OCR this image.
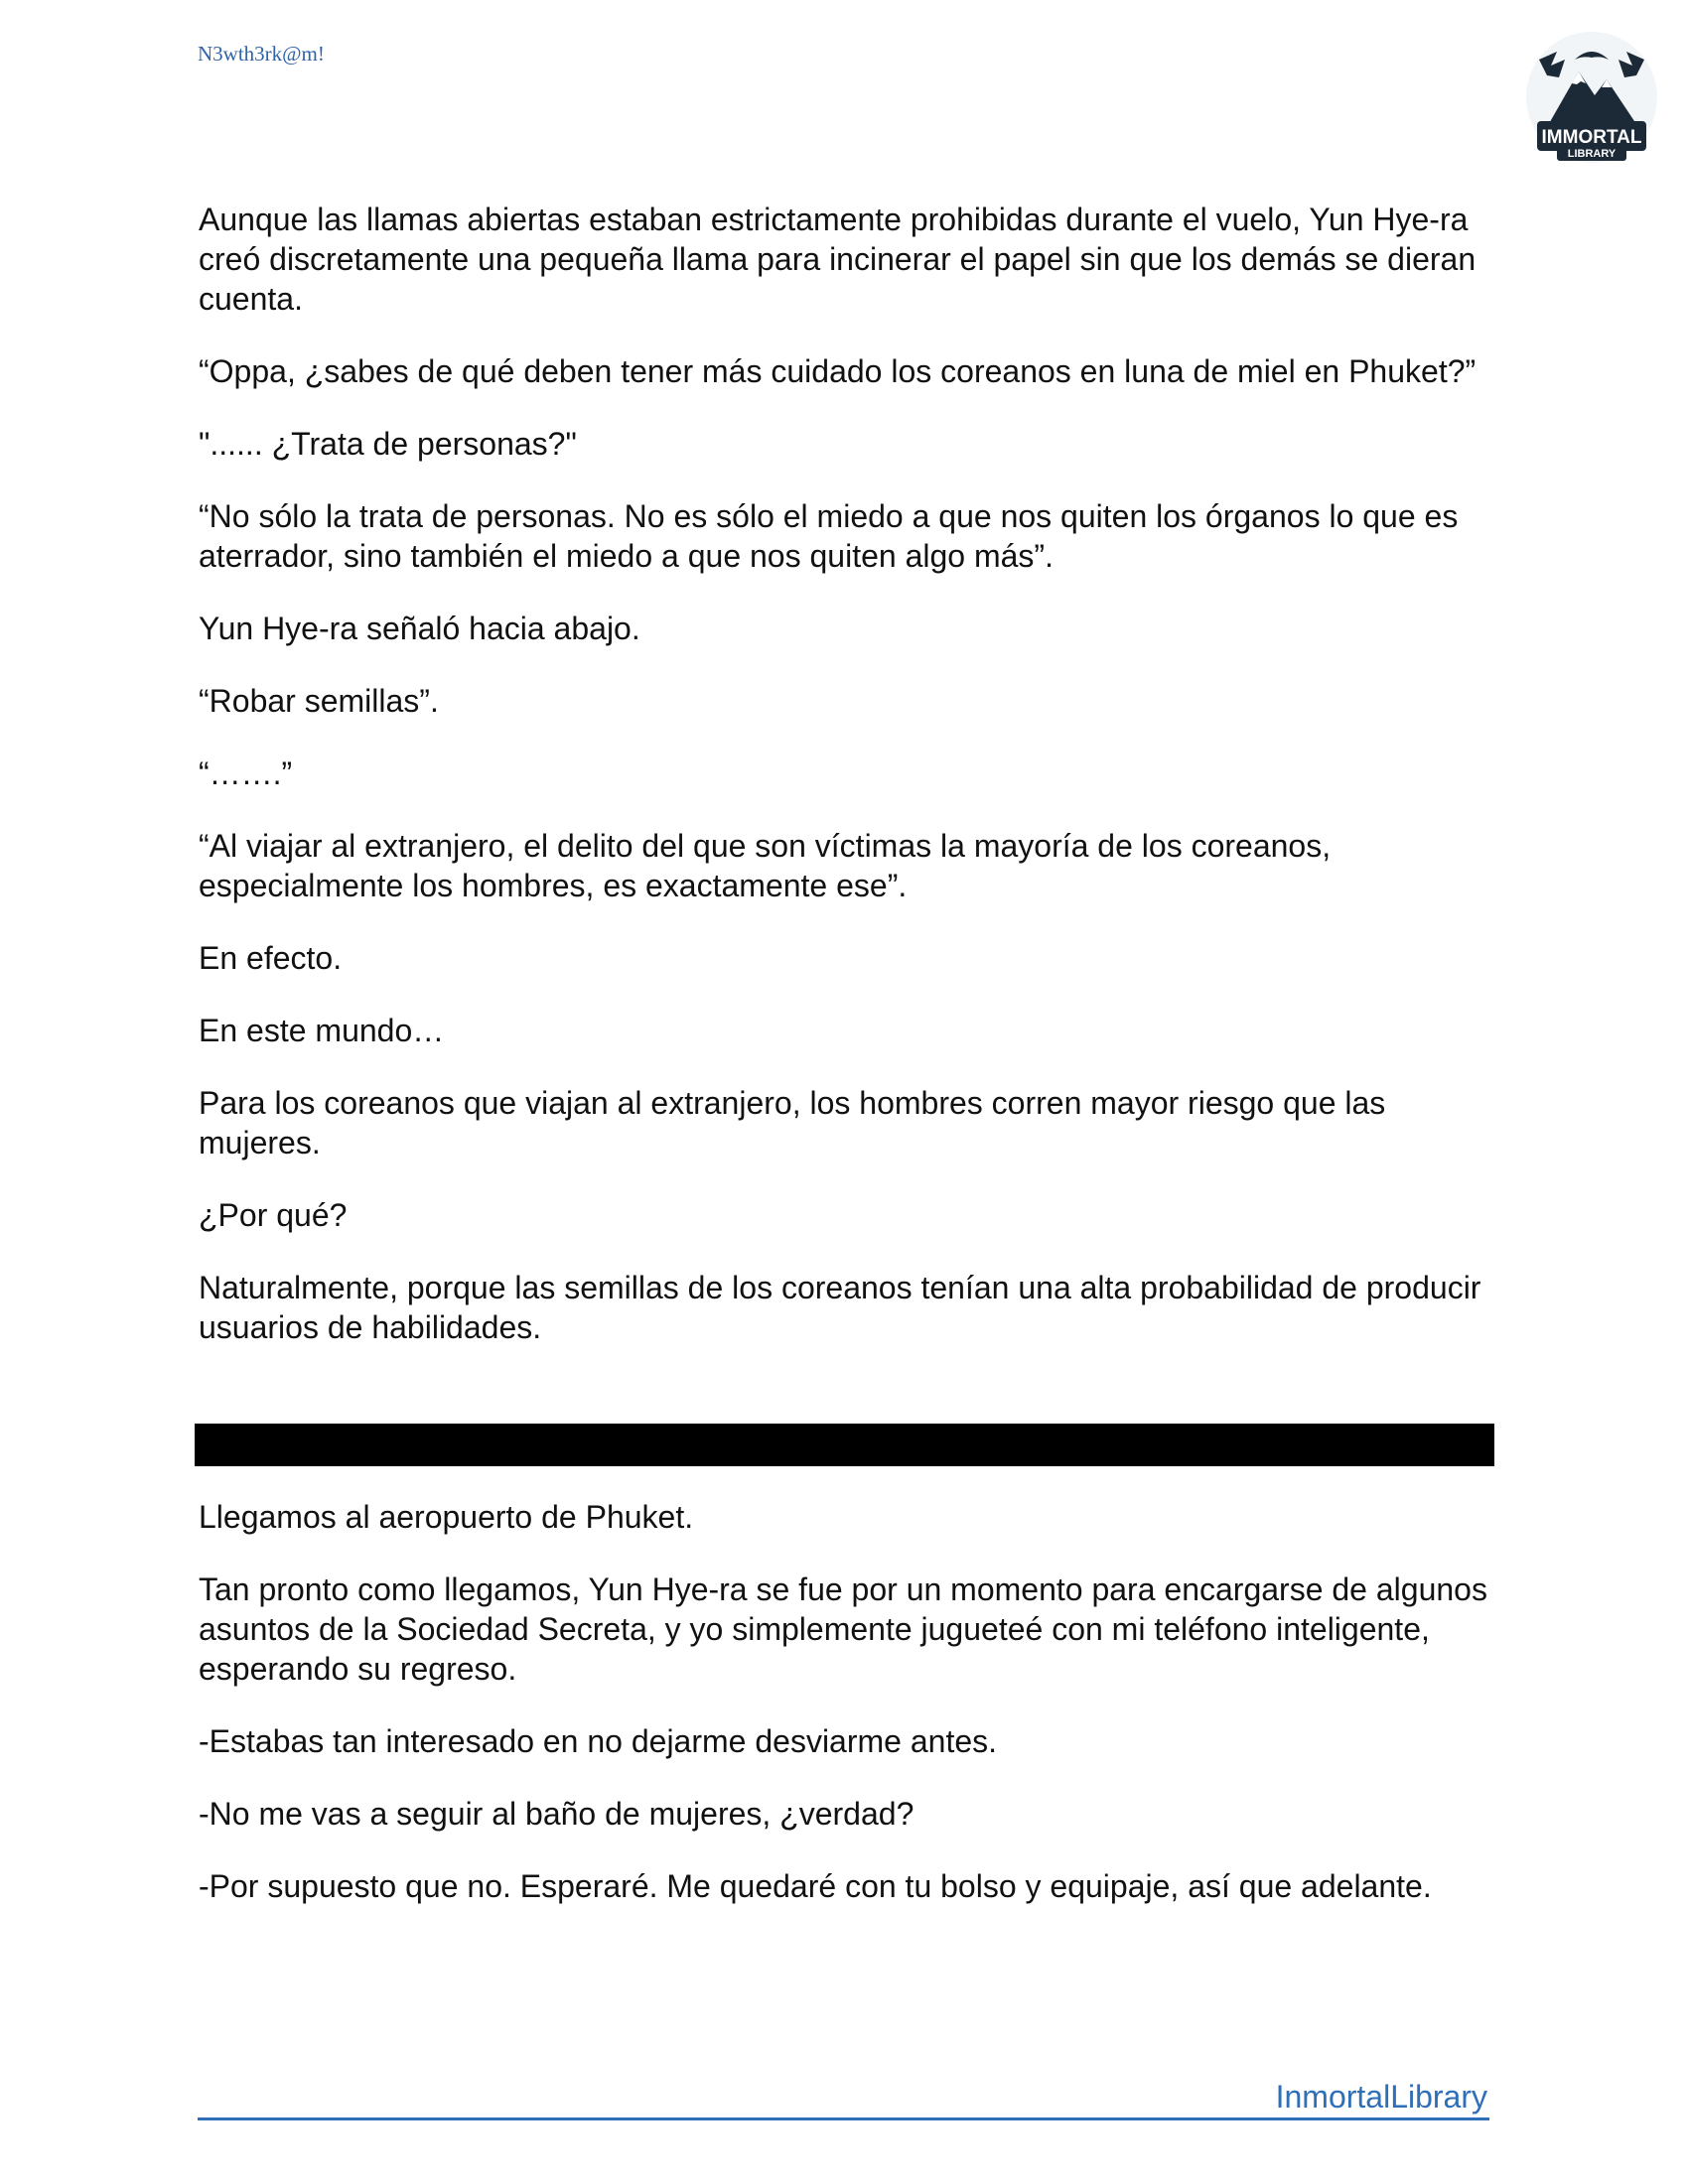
N3wth3rk@m!
IMMORTAL
LIBRARY

Aunque las llamas abiertas estaban estrictamente prohibidas durante el vuelo, Yun Hye-ra creó discretamente una pequeña llama para incinerar el papel sin que los demás se dieran cuenta.

“Oppa, ¿sabes de qué deben tener más cuidado los coreanos en luna de miel en Phuket?”

"...... ¿Trata de personas?"

“No sólo la trata de personas. No es sólo el miedo a que nos quiten los órganos lo que es aterrador, sino también el miedo a que nos quiten algo más”.

Yun Hye-ra señaló hacia abajo.

“Robar semillas”.

“…….”

“Al viajar al extranjero, el delito del que son víctimas la mayoría de los coreanos, especialmente los hombres, es exactamente ese”.

En efecto.

En este mundo…

Para los coreanos que viajan al extranjero, los hombres corren mayor riesgo que las mujeres.

¿Por qué?

Naturalmente, porque las semillas de los coreanos tenían una alta probabilidad de producir usuarios de habilidades.

Llegamos al aeropuerto de Phuket.

Tan pronto como llegamos, Yun Hye-ra se fue por un momento para encargarse de algunos asuntos de la Sociedad Secreta, y yo simplemente jugueteé con mi teléfono inteligente, esperando su regreso.

-Estabas tan interesado en no dejarme desviarme antes.

-No me vas a seguir al baño de mujeres, ¿verdad?

-Por supuesto que no. Esperaré. Me quedaré con tu bolso y equipaje, así que adelante.

InmortalLibrary
